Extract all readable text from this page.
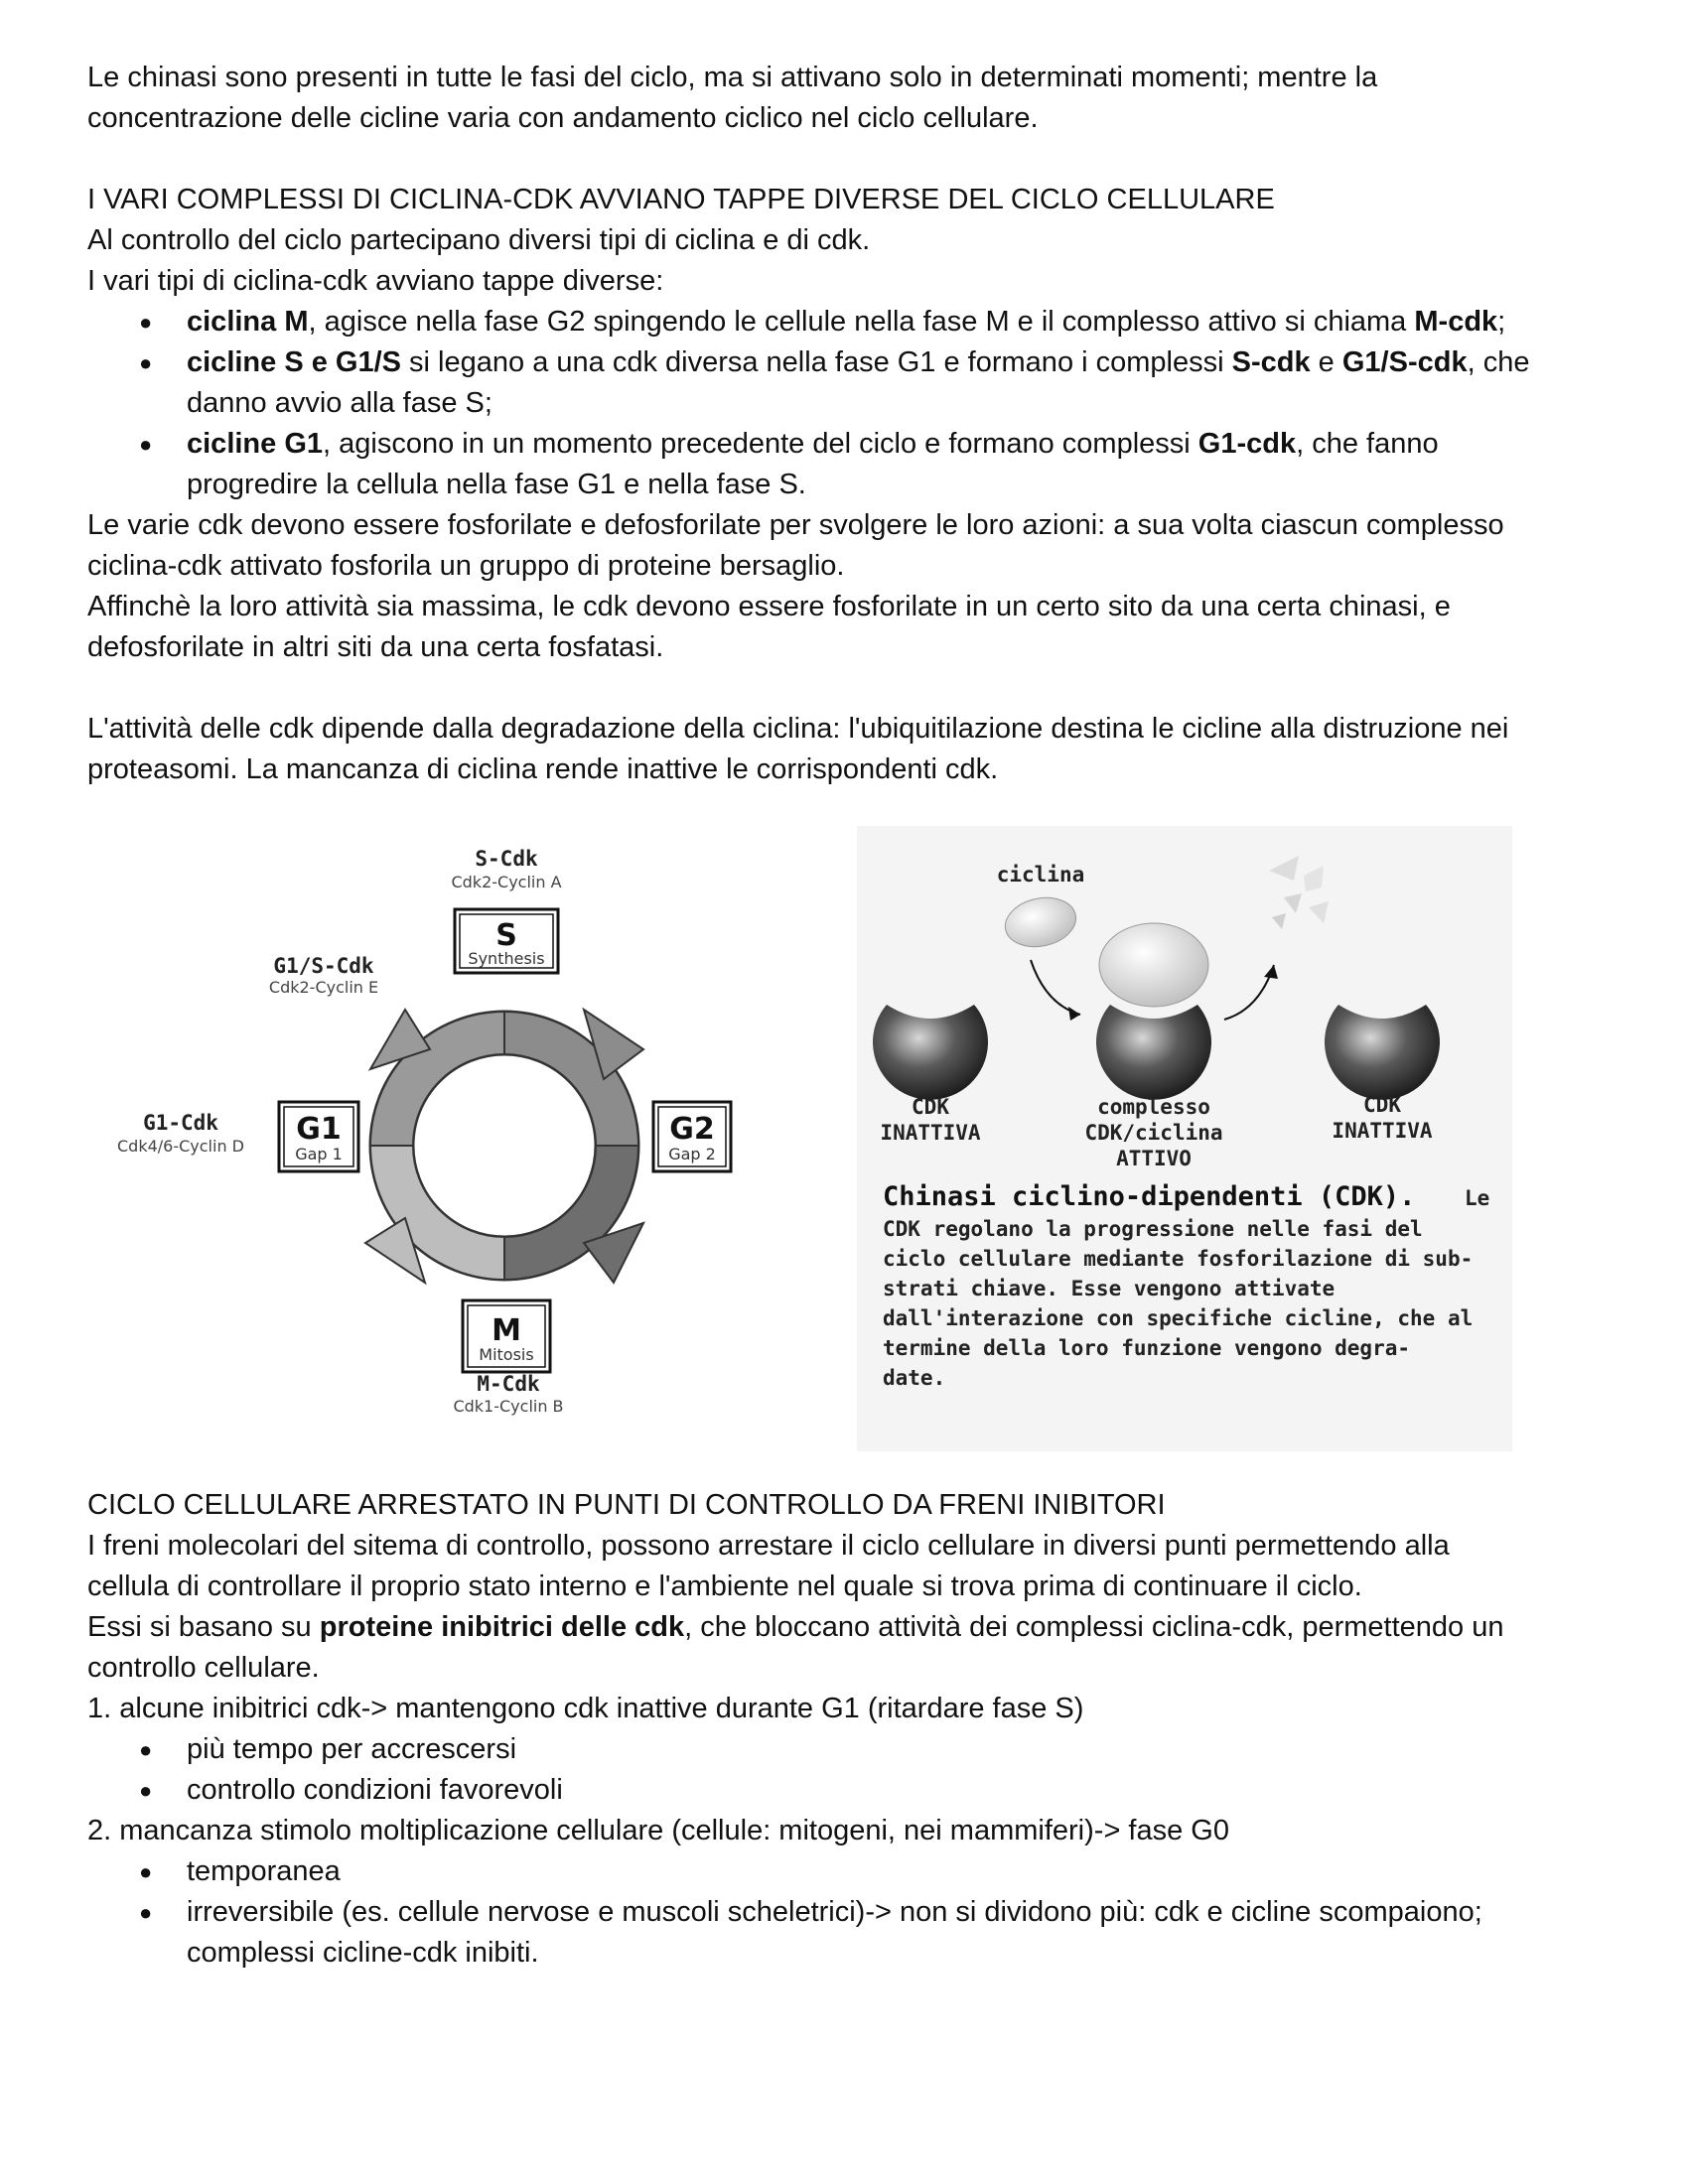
Le chinasi sono presenti in tutte le fasi del ciclo, ma si attivano solo in determinati momenti; mentre la

concentrazione delle cicline varia con andamento ciclico nel ciclo cellulare.

I VARI COMPLESSI DI CICLINA-CDK AVVIANO TAPPE DIVERSE DEL CICLO CELLULARE

Al controllo del ciclo partecipano diversi tipi di ciclina e di cdk.

I vari tipi di ciclina-cdk avviano tappe diverse:

● ciclina M, agisce nella fase G2 spingendo le cellule nella fase M e il complesso attivo si chiama M-cdk;
● cicline S e G1/S si legano a una cdk diversa nella fase G1 e formano i complessi S-cdk e G1/S-cdk, che
danno avvio alla fase S;
● cicline G1, agiscono in un momento precedente del ciclo e formano complessi G1-cdk, che fanno
progredire la cellula nella fase G1 e nella fase S.

Le varie cdk devono essere fosforilate e defosforilate per svolgere le loro azioni: a sua volta ciascun complesso

ciclina-cdk attivato fosforila un gruppo di proteine bersaglio.

Affinchè la loro attività sia massima, le cdk devono essere fosforilate in un certo sito da una certa chinasi, e

defosforilate in altri siti da una certa fosfatasi.

L'attività delle cdk dipende dalla degradazione della ciclina: l'ubiquitilazione destina le cicline alla distruzione nei

proteasomi. La mancanza di ciclina rende inattive le corrispondenti cdk.

S-Cdk
Cdk2-Cyclin A
G1/S-Cdk
Cdk2-Cyclin E
G1-Cdk
Cdk4/6-Cyclin D
M-Cdk
Cdk1-Cyclin B
S
Synthesis
G1
Gap 1
G2
Gap 2
M
Mitosis
ciclina
CDK
INATTIVA
complesso
CDK/ciclina
ATTIVO
CDK
INATTIVA
Chinasi ciclino-dipendenti (CDK). Le
CDK regolano la progressione nelle fasi del
ciclo cellulare mediante fosforilazione di sub-
strati chiave. Esse vengono attivate
dall'interazione con specifiche cicline, che al
termine della loro funzione vengono degra-
date.

CICLO CELLULARE ARRESTATO IN PUNTI DI CONTROLLO DA FRENI INIBITORI

I freni molecolari del sitema di controllo, possono arrestare il ciclo cellulare in diversi punti permettendo alla

cellula di controllare il proprio stato interno e l'ambiente nel quale si trova prima di continuare il ciclo.

Essi si basano su proteine inibitrici delle cdk, che bloccano attività dei complessi ciclina-cdk, permettendo un

controllo cellulare.

1. alcune inibitrici cdk-> mantengono cdk inattive durante G1 (ritardare fase S)

● più tempo per accrescersi
● controllo condizioni favorevoli

2. mancanza stimolo moltiplicazione cellulare (cellule: mitogeni, nei mammiferi)-> fase G0

● temporanea
● irreversibile (es. cellule nervose e muscoli scheletrici)-> non si dividono più: cdk e cicline scompaiono;
complessi cicline-cdk inibiti.
